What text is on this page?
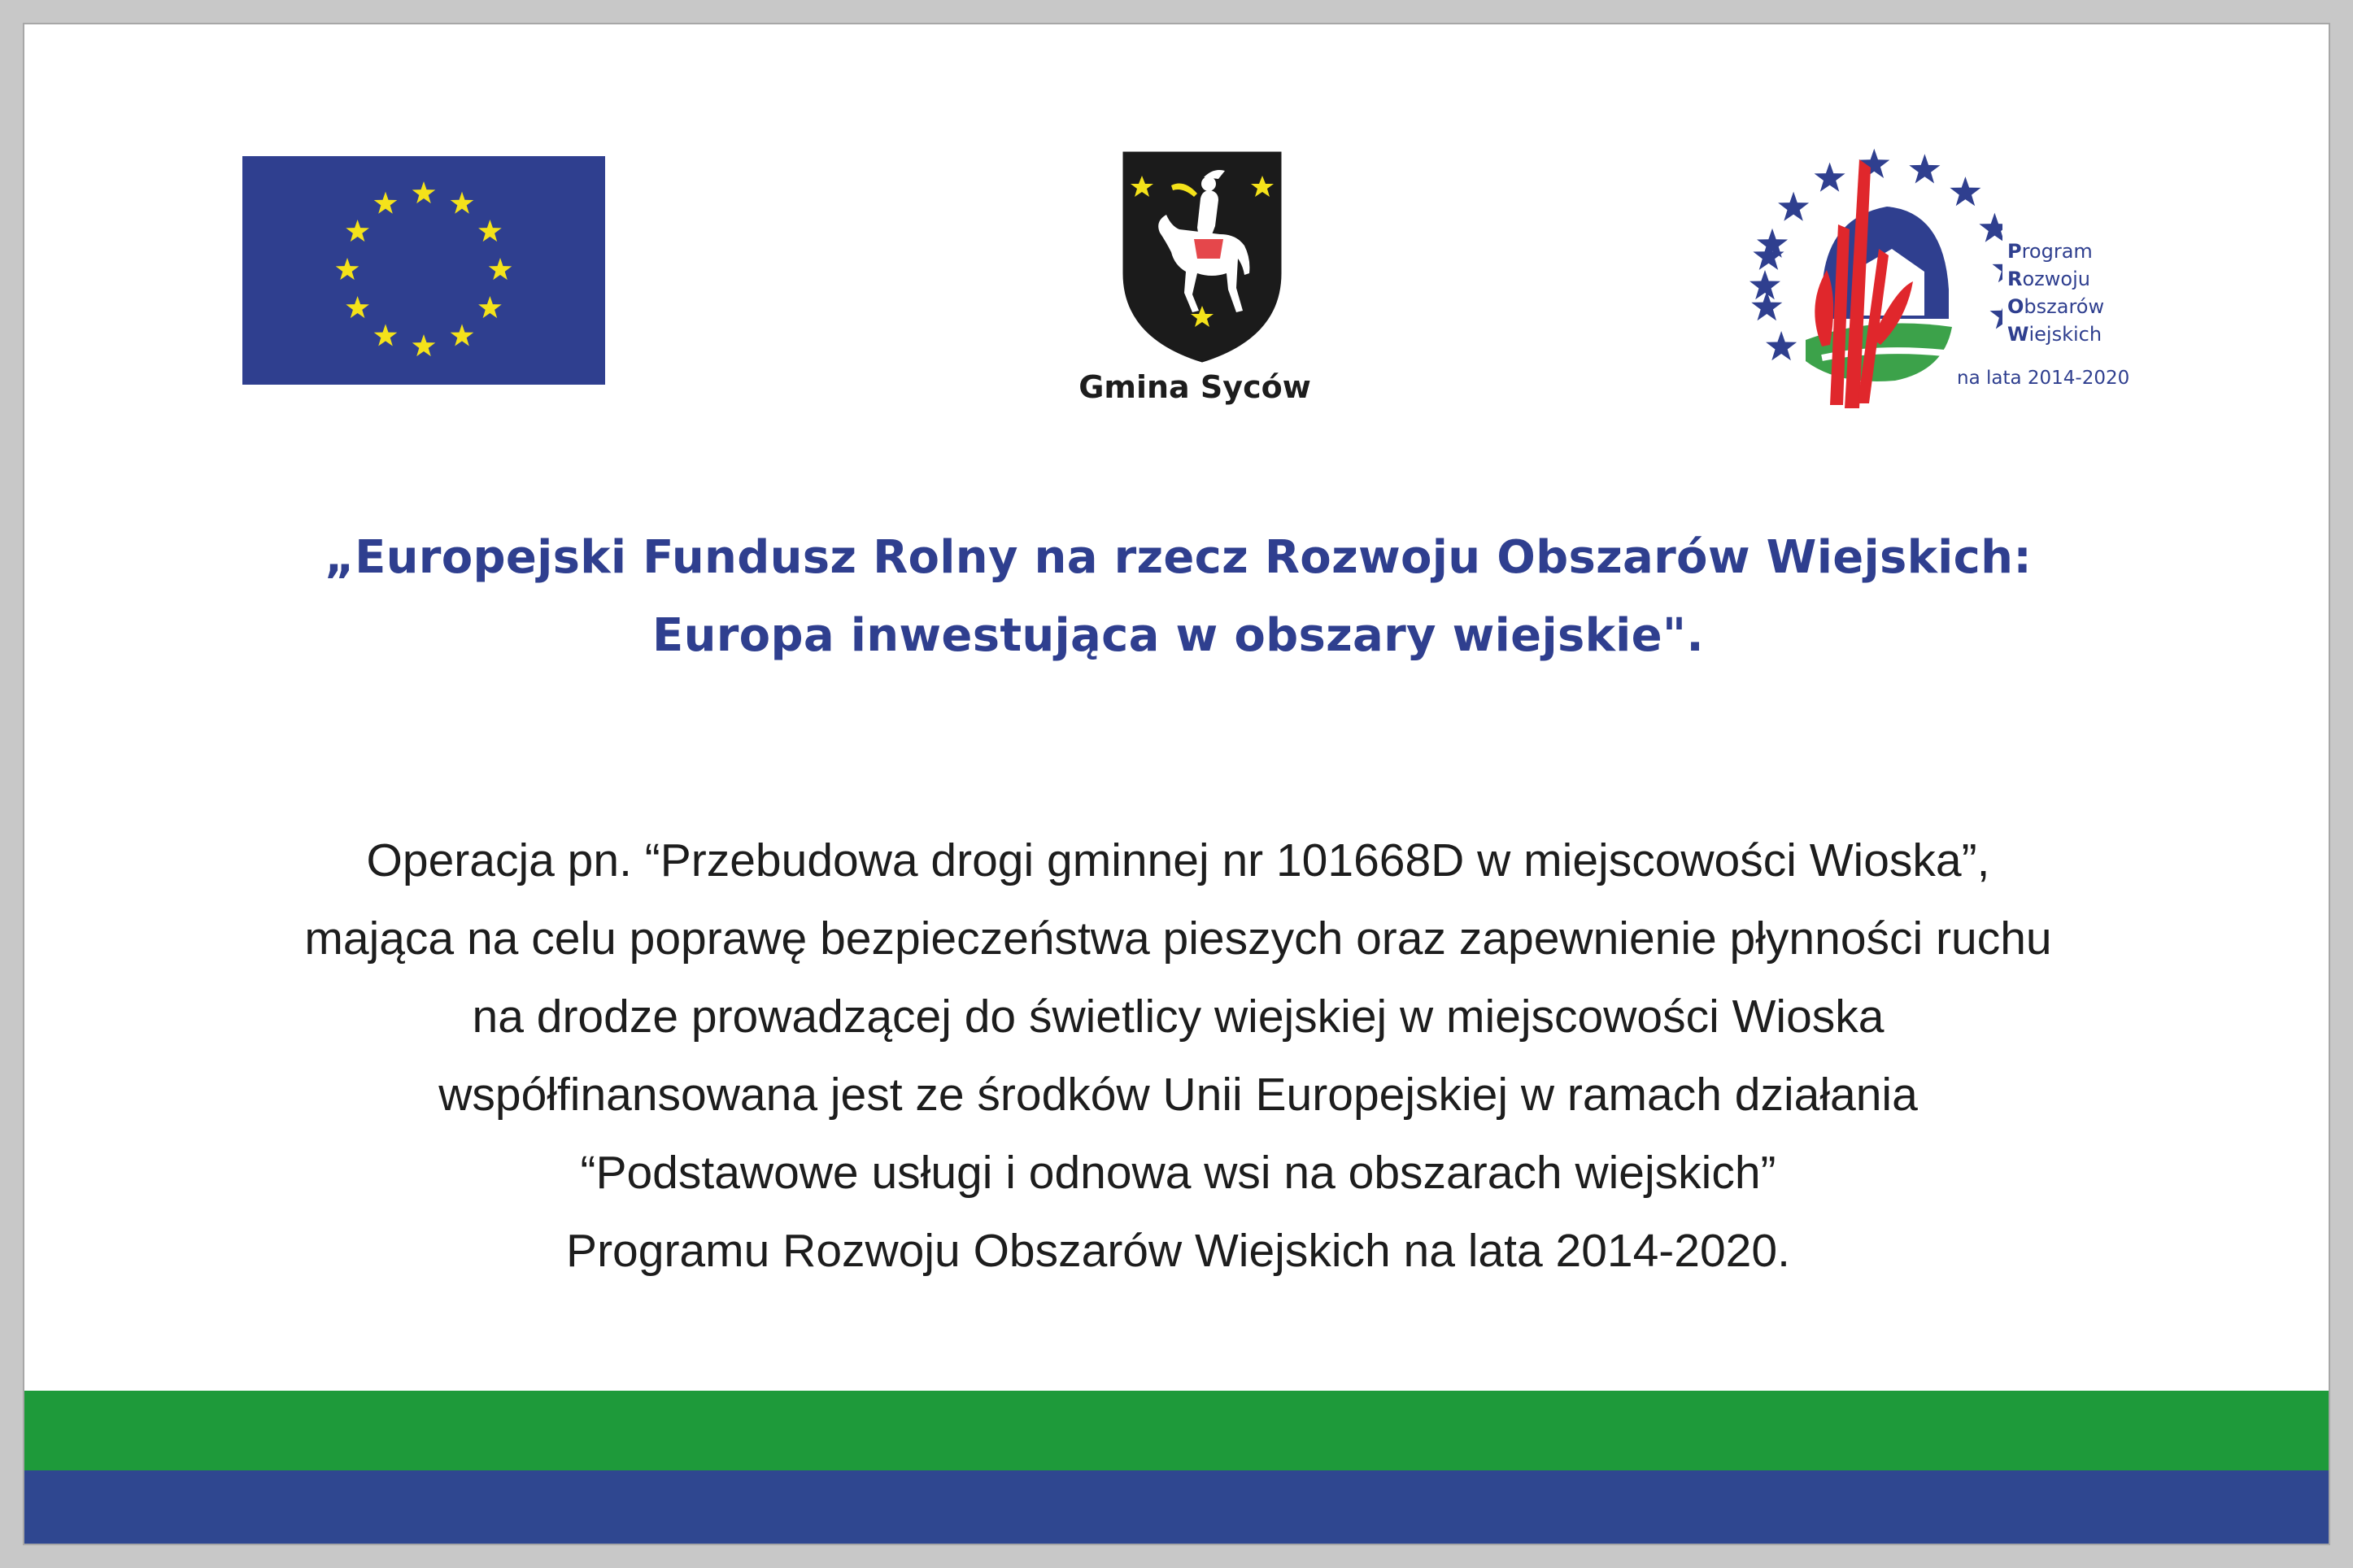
Gmina Syców
Program
Rozwoju
Obszarów
Wiejskich
na lata 2014-2020
„Europejski Fundusz Rolny na rzecz Rozwoju Obszarów Wiejskich:
Europa inwestująca w obszary wiejskie".
Operacja pn. “Przebudowa drogi gminnej nr 101668D w miejscowości Wioska”,
mająca na celu poprawę bezpieczeństwa pieszych oraz zapewnienie płynności ruchu
na drodze prowadzącej do świetlicy wiejskiej w miejscowości Wioska
współfinansowana jest ze środków Unii Europejskiej w ramach działania
“Podstawowe usługi i odnowa wsi na obszarach wiejskich”
Programu Rozwoju Obszarów Wiejskich na lata 2014-2020.
